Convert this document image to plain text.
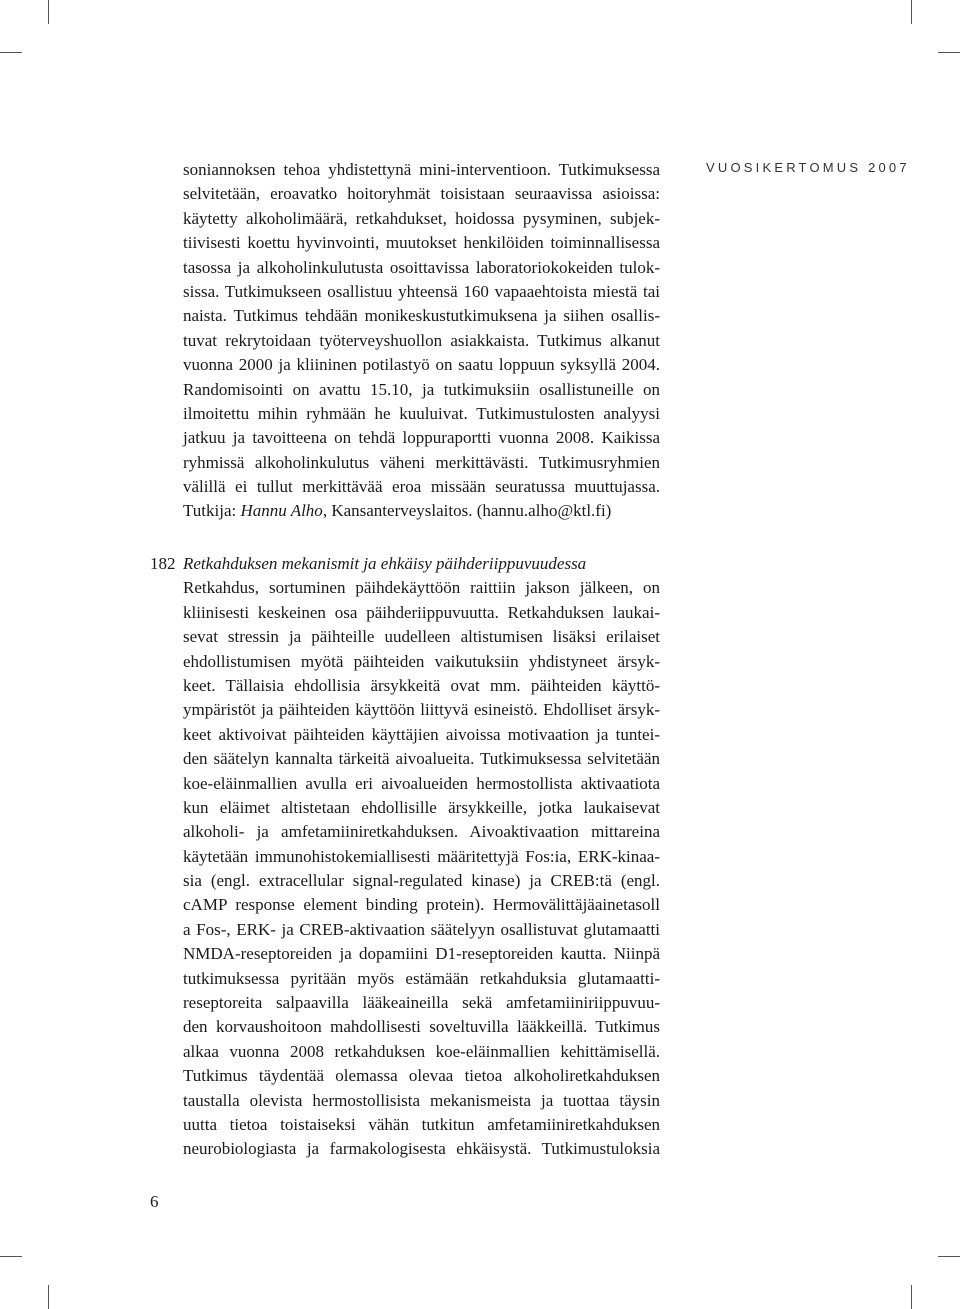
VUOSIKERTOMUS 2007
soniannoksen tehoa yhdistettynä mini-interventioon. Tutkimuksessa
selvitetään, eroavatko hoitoryhmät toisistaan seuraavissa asioissa:
käytetty alkoholimäärä, retkahdukset, hoidossa pysyminen, subjek-
tiivisesti koettu hyvinvointi, muutokset henkilöiden toiminnallisessa
tasossa ja alkoholinkulutusta osoittavissa laboratoriokokeiden tulok-
sissa. Tutkimukseen osallistuu yhteensä 160 vapaaehtoista miestä tai
naista. Tutkimus tehdään monikeskustutkimuksena ja siihen osallis-
tuvat rekrytoidaan työterveyshuollon asiakkaista. Tutkimus alkanut
vuonna 2000 ja kliininen potilastyö on saatu loppuun syksyllä 2004.
Randomisointi on avattu 15.10, ja tutkimuksiin osallistuneille on
ilmoitettu mihin ryhmään he kuuluivat. Tutkimustulosten analyysi
jatkuu ja tavoitteena on tehdä loppuraportti vuonna 2008. Kaikissa
ryhmissä alkoholinkulutus väheni merkittävästi. Tutkimusryhmien
välillä ei tullut merkittävää eroa missään seuratussa muuttujassa.
Tutkija: Hannu Alho, Kansanterveyslaitos. (hannu.alho@ktl.fi)
182 Retkahduksen mekanismit ja ehkäisy päihderiippuvuudessa
Retkahdus, sortuminen päihdekäyttöön raittiin jakson jälkeen, on
kliinisesti keskeinen osa päihderiippuvuutta. Retkahduksen laukai-
sevat stressin ja päihteille uudelleen altistumisen lisäksi erilaiset
ehdollistumisen myötä päihteiden vaikutuksiin yhdistyneet ärsyk-
keet. Tällaisia ehdollisia ärsykkeitä ovat mm. päihteiden käyttö-
ympäristöt ja päihteiden käyttöön liittyvä esineistö. Ehdolliset ärsyk-
keet aktivoivat päihteiden käyttäjien aivoissa motivaation ja tuntei-
den säätelyn kannalta tärkeitä aivoalueita. Tutkimuksessa selvitetään
koe-eläinmallien avulla eri aivoalueiden hermostollista aktivaatiota
kun eläimet altistetaan ehdollisille ärsykkeille, jotka laukaisevat
alkoholi- ja amfetamiiniretkahduksen. Aivoaktivaation mittareina
käytetään immunohistokemiallisesti määritettyjä Fos:ia, ERK-kinaa-
sia (engl. extracellular signal-regulated kinase) ja CREB:tä (engl.
cAMP response element binding protein). Hermovälittäjäainetasoll
a Fos-, ERK- ja CREB-aktivaation säätelyyn osallistuvat glutamaatti
NMDA-reseptoreiden ja dopamiini D1-reseptoreiden kautta. Niinpä
tutkimuksessa pyritään myös estämään retkahduksia glutamaatti-
reseptoreita salpaavilla lääkeaineilla sekä amfetamiiniriippuvuu-
den korvaushoitoon mahdollisesti soveltuvilla lääkkeillä. Tutkimus
alkaa vuonna 2008 retkahduksen koe-eläinmallien kehittämisellä.
Tutkimus täydentää olemassa olevaa tietoa alkoholiretkahduksen
taustalla olevista hermostollisista mekanismeista ja tuottaa täysin
uutta tietoa toistaiseksi vähän tutkitun amfetamiiniretkahduksen
neurobiologiasta ja farmakologisesta ehkäisystä. Tutkimustuloksia
6
